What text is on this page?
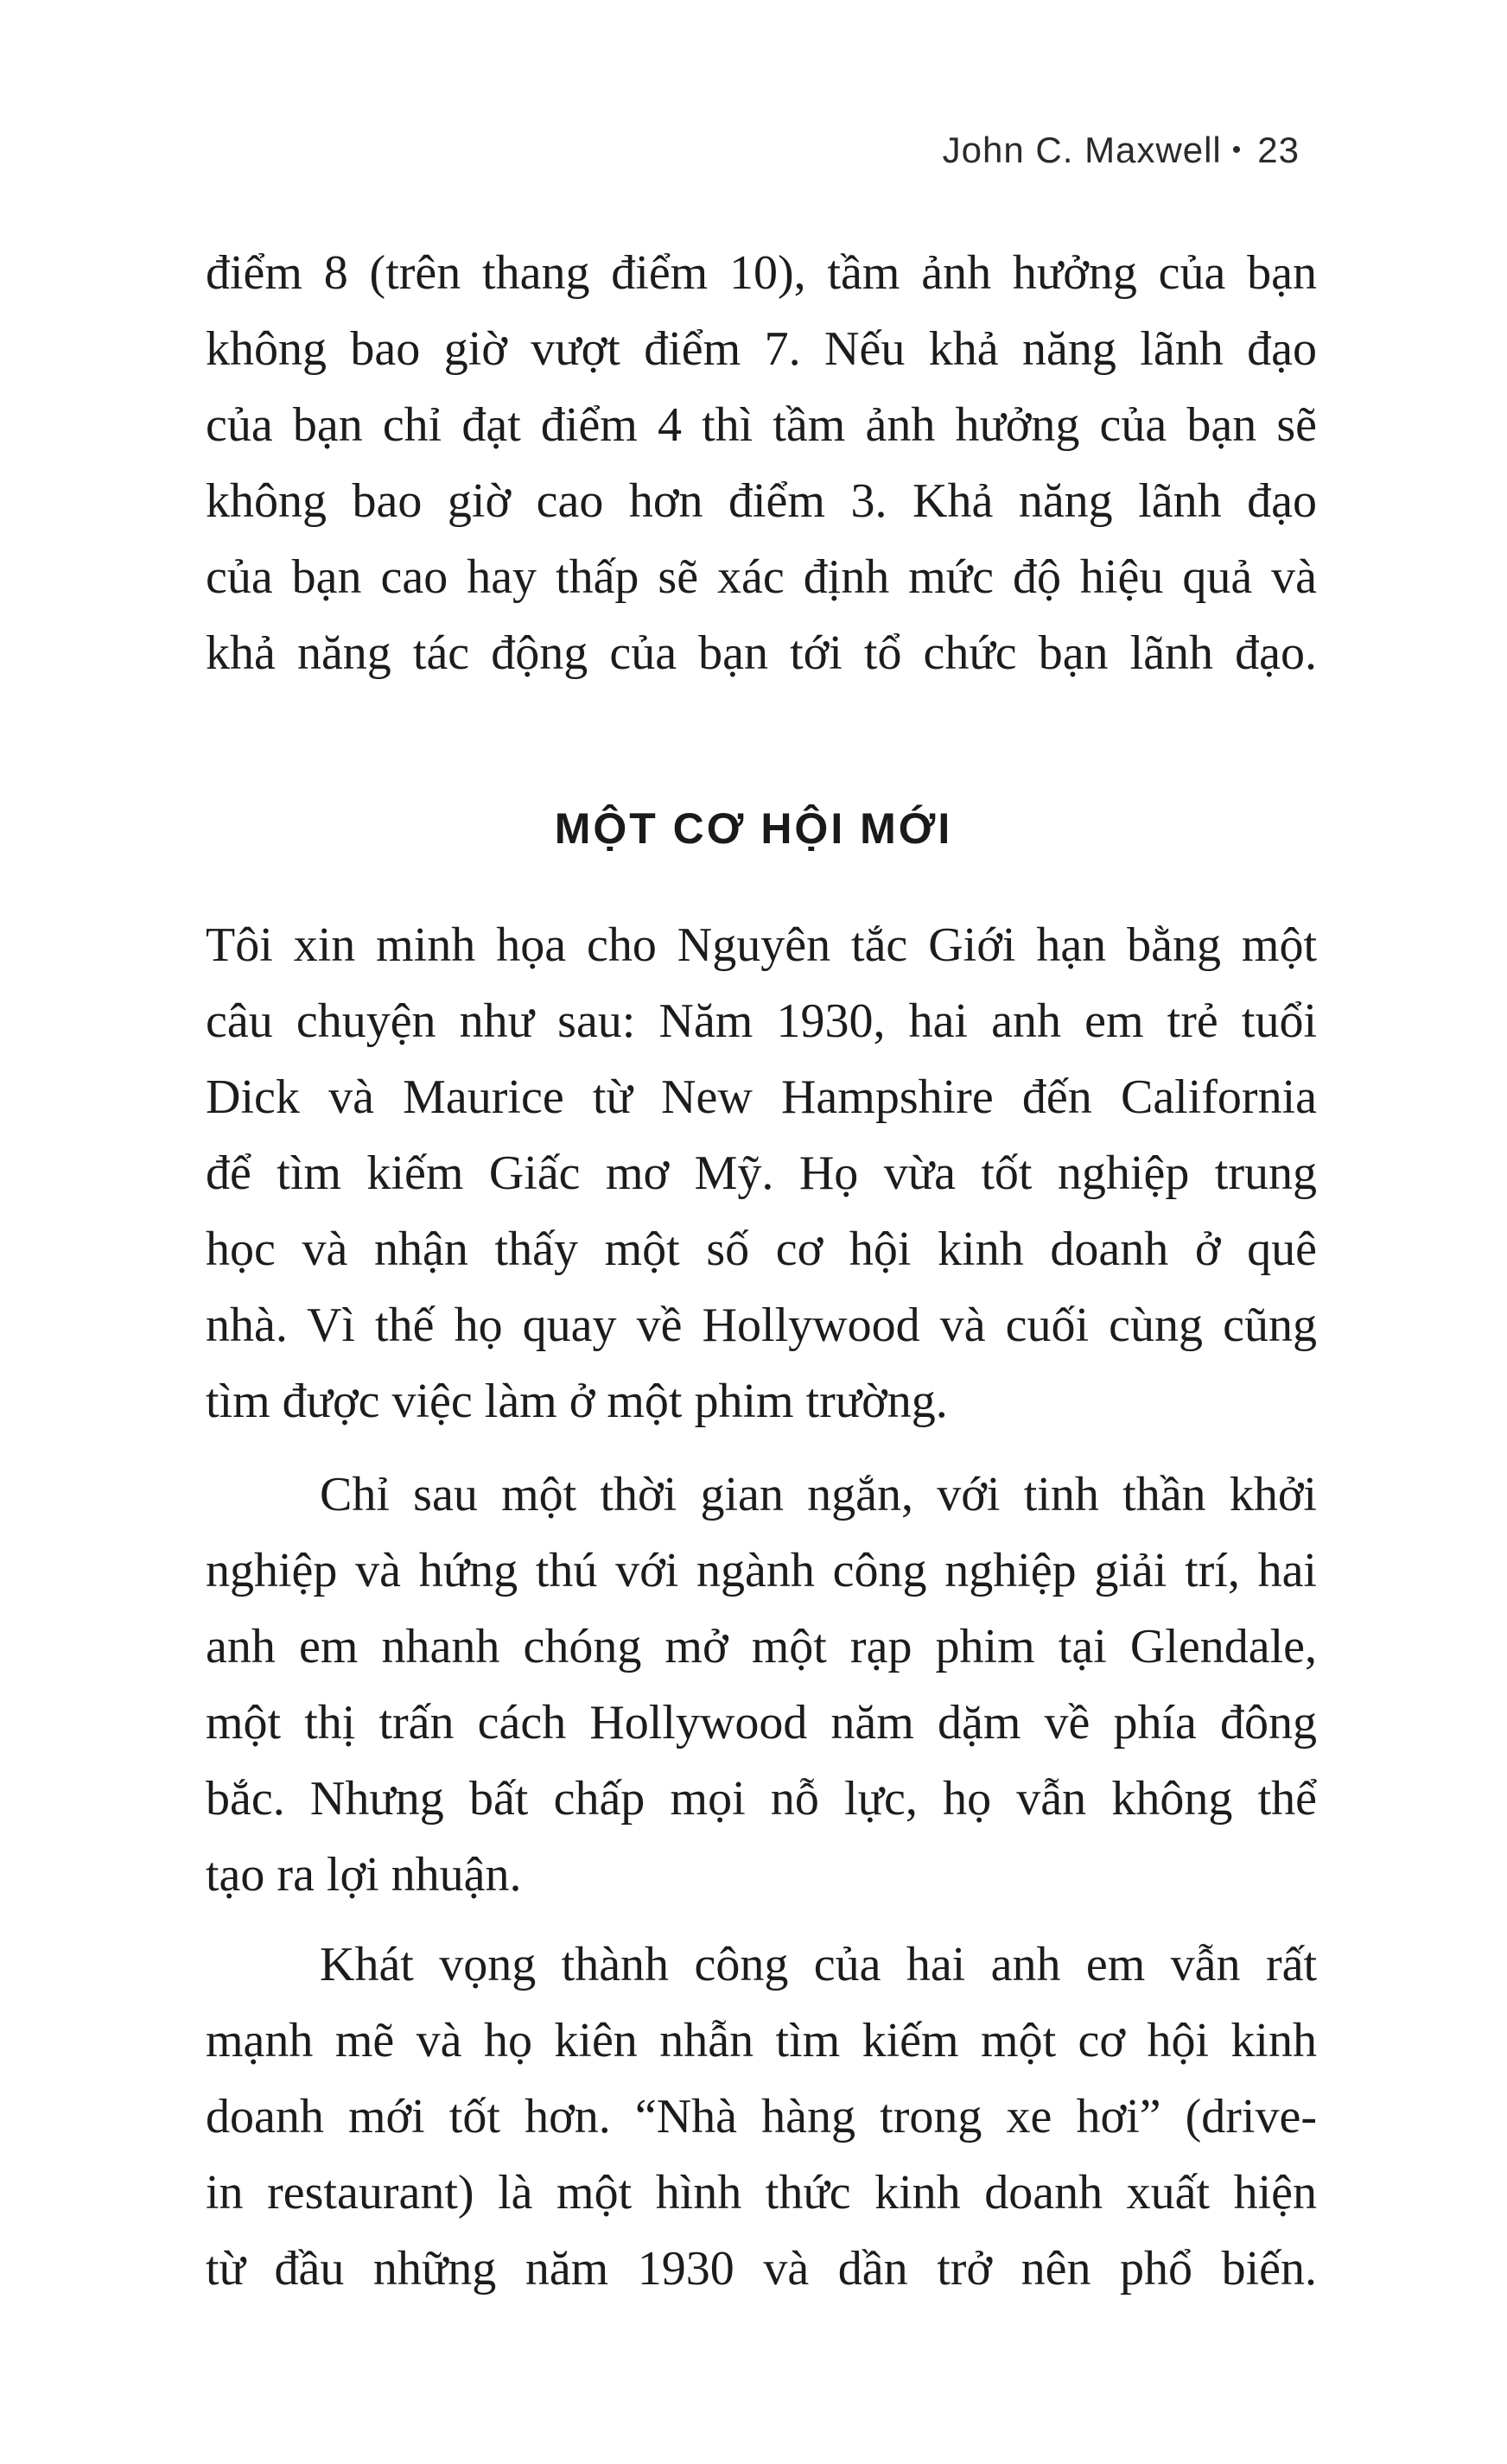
John C. Maxwell • 23
điểm 8 (trên thang điểm 10), tầm ảnh hưởng của bạn
không bao giờ vượt điểm 7. Nếu khả năng lãnh đạo
của bạn chỉ đạt điểm 4 thì tầm ảnh hưởng của bạn sẽ
không bao giờ cao hơn điểm 3. Khả năng lãnh đạo
của bạn cao hay thấp sẽ xác định mức độ hiệu quả và
khả năng tác động của bạn tới tổ chức bạn lãnh đạo.
MỘT CƠ HỘI MỚI
Tôi xin minh họa cho Nguyên tắc Giới hạn bằng một
câu chuyện như sau: Năm 1930, hai anh em trẻ tuổi
Dick và Maurice từ New Hampshire đến California
để tìm kiếm Giấc mơ Mỹ. Họ vừa tốt nghiệp trung
học và nhận thấy một số cơ hội kinh doanh ở quê
nhà. Vì thế họ quay về Hollywood và cuối cùng cũng
tìm được việc làm ở một phim trường.
Chỉ sau một thời gian ngắn, với tinh thần khởi
nghiệp và hứng thú với ngành công nghiệp giải trí, hai
anh em nhanh chóng mở một rạp phim tại Glendale,
một thị trấn cách Hollywood năm dặm về phía đông
bắc. Nhưng bất chấp mọi nỗ lực, họ vẫn không thể
tạo ra lợi nhuận.
Khát vọng thành công của hai anh em vẫn rất
mạnh mẽ và họ kiên nhẫn tìm kiếm một cơ hội kinh
doanh mới tốt hơn. “Nhà hàng trong xe hơi” (drive-
in restaurant) là một hình thức kinh doanh xuất hiện
từ đầu những năm 1930 và dần trở nên phổ biến.
